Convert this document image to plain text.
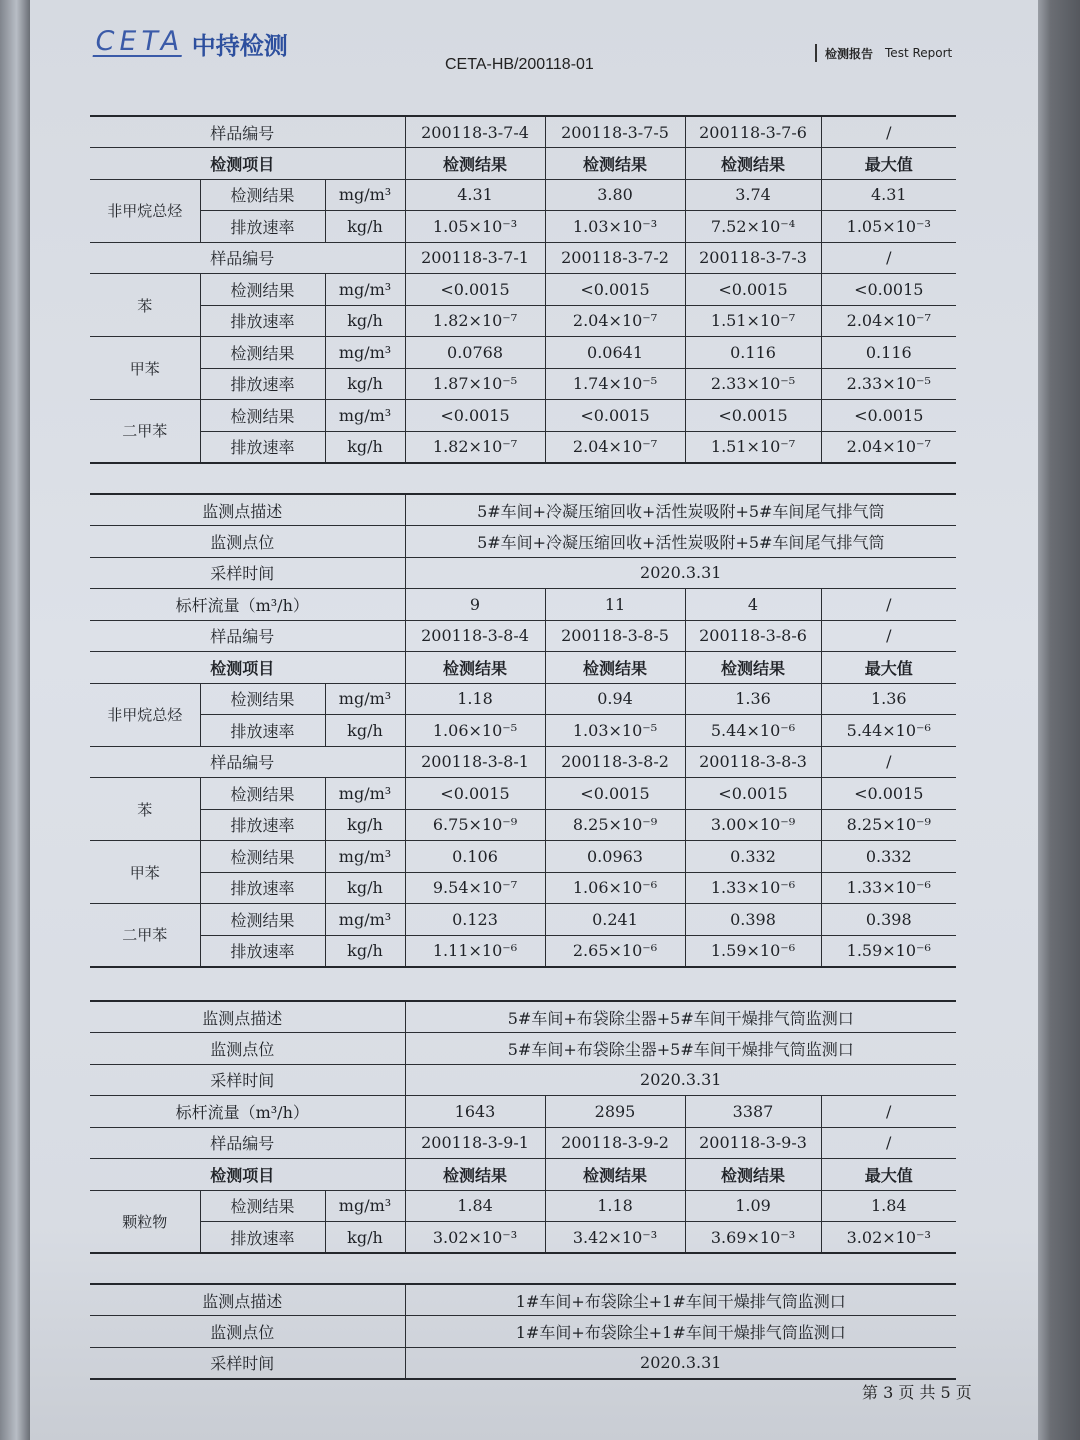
CETA 中持检测
CETA-HB/200118-01
检测报告 Test Report
样品编号			200118-3-7-4	200118-3-7-5	200118-3-7-6	/
检测项目			检测结果	检测结果	检测结果	最大值
非甲烷总烃	检测结果	mg/m³	4.31	3.80	3.74	4.31
	排放速率	kg/h	1.05×10⁻³	1.03×10⁻³	7.52×10⁻⁴	1.05×10⁻³
样品编号			200118-3-7-1	200118-3-7-2	200118-3-7-3	/
苯	检测结果	mg/m³	<0.0015	<0.0015	<0.0015	<0.0015
	排放速率	kg/h	1.82×10⁻⁷	2.04×10⁻⁷	1.51×10⁻⁷	2.04×10⁻⁷
甲苯	检测结果	mg/m³	0.0768	0.0641	0.116	0.116
	排放速率	kg/h	1.87×10⁻⁵	1.74×10⁻⁵	2.33×10⁻⁵	2.33×10⁻⁵
二甲苯	检测结果	mg/m³	<0.0015	<0.0015	<0.0015	<0.0015
	排放速率	kg/h	1.82×10⁻⁷	2.04×10⁻⁷	1.51×10⁻⁷	2.04×10⁻⁷
监测点描述			5#车间+冷凝压缩回收+活性炭吸附+5#车间尾气排气筒			
监测点位			5#车间+冷凝压缩回收+活性炭吸附+5#车间尾气排气筒			
采样时间			2020.3.31			
标杆流量（m³/h）			9	11	4	/
样品编号			200118-3-8-4	200118-3-8-5	200118-3-8-6	/
检测项目			检测结果	检测结果	检测结果	最大值
非甲烷总烃	检测结果	mg/m³	1.18	0.94	1.36	1.36
	排放速率	kg/h	1.06×10⁻⁵	1.03×10⁻⁵	5.44×10⁻⁶	5.44×10⁻⁶
样品编号			200118-3-8-1	200118-3-8-2	200118-3-8-3	/
苯	检测结果	mg/m³	<0.0015	<0.0015	<0.0015	<0.0015
	排放速率	kg/h	6.75×10⁻⁹	8.25×10⁻⁹	3.00×10⁻⁹	8.25×10⁻⁹
甲苯	检测结果	mg/m³	0.106	0.0963	0.332	0.332
	排放速率	kg/h	9.54×10⁻⁷	1.06×10⁻⁶	1.33×10⁻⁶	1.33×10⁻⁶
二甲苯	检测结果	mg/m³	0.123	0.241	0.398	0.398
	排放速率	kg/h	1.11×10⁻⁶	2.65×10⁻⁶	1.59×10⁻⁶	1.59×10⁻⁶
监测点描述			5#车间+布袋除尘器+5#车间干燥排气筒监测口			
监测点位			5#车间+布袋除尘器+5#车间干燥排气筒监测口			
采样时间			2020.3.31			
标杆流量（m³/h）			1643	2895	3387	/
样品编号			200118-3-9-1	200118-3-9-2	200118-3-9-3	/
检测项目			检测结果	检测结果	检测结果	最大值
颗粒物	检测结果	mg/m³	1.84	1.18	1.09	1.84
	排放速率	kg/h	3.02×10⁻³	3.42×10⁻³	3.69×10⁻³	3.02×10⁻³
监测点描述	1#车间+布袋除尘+1#车间干燥排气筒监测口
监测点位	1#车间+布袋除尘+1#车间干燥排气筒监测口
采样时间	2020.3.31
第 3 页 共 5 页
